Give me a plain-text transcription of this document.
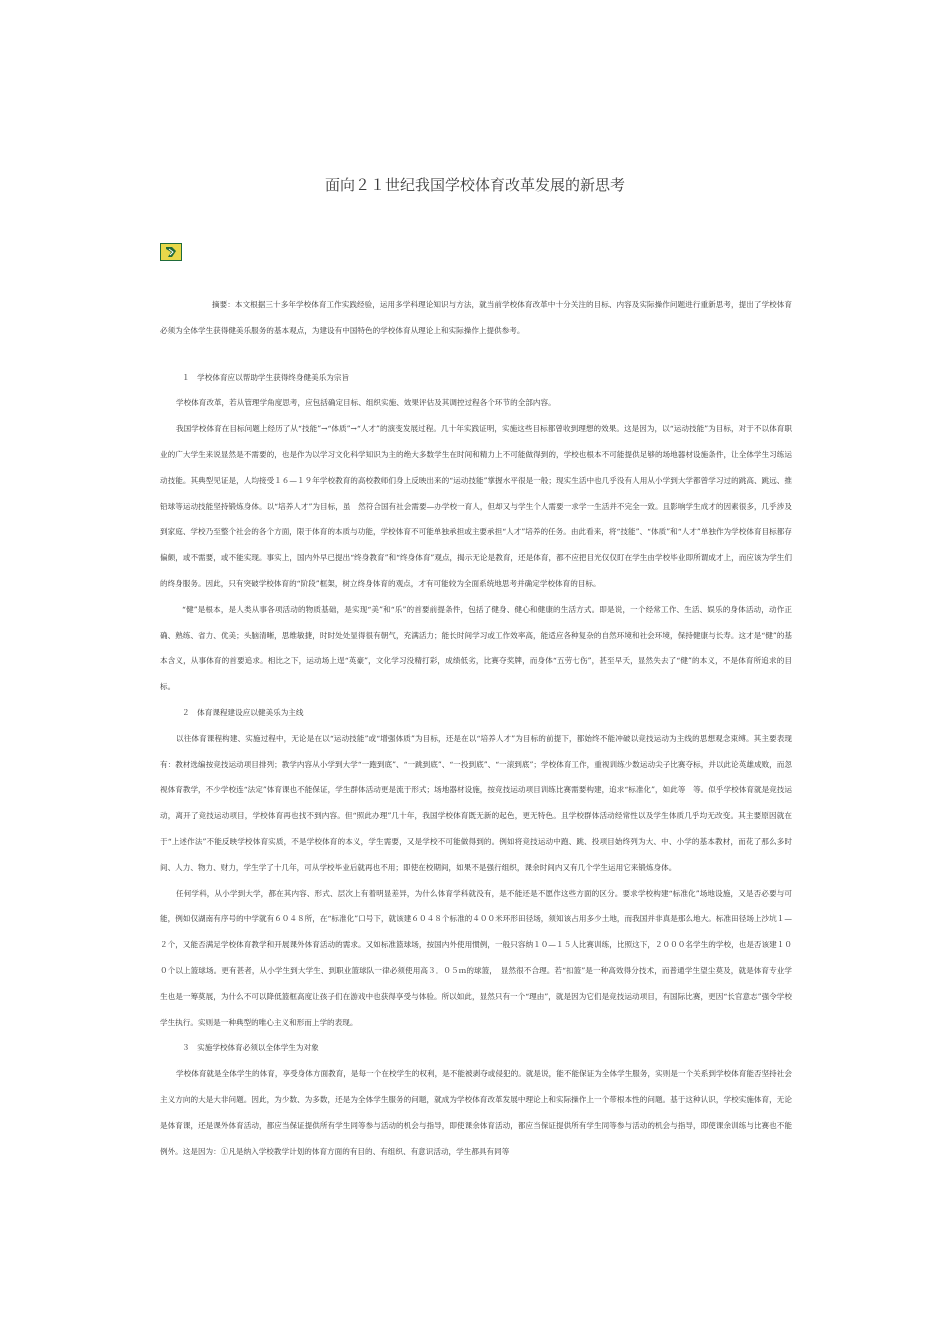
面向２１世纪我国学校体育改革发展的新思考

摘要：本文根据三十多年学校体育工作实践经验，运用多学科理论知识与方法，就当前学校体育改革中十分关注的目标、内容及实际操作问题进行重新思考，提出了学校体育必须为全体学生获得健美乐服务的基本观点，为建设有中国特色的学校体育从理论上和实际操作上提供参考。

１　学校体育应以帮助学生获得终身健美乐为宗旨

学校体育改革，若从管理学角度思考，应包括确定目标、组织实施、效果评估及其调控过程各个环节的全部内容。

我国学校体育在目标问题上经历了从“技能”→“体质”→“人才”的演变发展过程。几十年实践证明，实施这些目标都曾收到理想的效果。这是因为，以“运动技能”为目标，对于不以体育职业的广大学生来说显然是不需要的，也是作为以学习文化科学知识为主的绝大多数学生在时间和精力上不可能做得到的，学校也根本不可能提供足够的场地器材设施条件，让全体学生习练运动技能。其典型见证是，人均接受１６—１９年学校教育的高校教师们身上反映出来的“运动技能”掌握水平很是一般；现实生活中也几乎没有人用从小学到大学都曾学习过的跳高、跳远、推铅球等运动技能坚持锻炼身体。以“培养人才”为目标，虽　然符合国有社会需要—办学校一育人，但却又与学生个人需要一求学一生活并不完全一致。且影响学生成才的因素很多，几乎涉及到家庭、学校乃至整个社会的各个方面，限于体育的本质与功能，学校体育不可能单独承担或主要承担“人才”培养的任务。由此看来，将“技能”、“体质”和“人才”单独作为学校体育目标都存偏颇，或不需要，或不能实现。事实上，国内外早已提出“终身教育”和“终身体育”观点，揭示无论是教育，还是体育，都不应把目光仅仅盯在学生由学校毕业即所谓成才上，而应该为学生们的终身服务。因此，只有突破学校体育的“阶段”框架，树立终身体育的观点，才有可能较为全面系统地思考并确定学校体育的目标。

“健”是根本，是人类从事各项活动的物质基础，是实现“美”和“乐”的首要前提条件，包括了健身、健心和健康的生活方式。即是说，一个经常工作、生活、娱乐的身体活动，动作正确、熟练、省力、优美；头脑清晰，思维敏捷，时时处处显得很有朝气，充满活力；能长时间学习或工作效率高，能适应各种复杂的自然环境和社会环境，保持健康与长寿。这才是“健”的基本含义，从事体育的首要追求。相比之下，运动场上逞“英豪”，文化学习没精打彩，成绩低劣，比赛夺奖牌，而身体“五劳七伤”，甚至早夭，显然失去了“健”的本义，不是体育所追求的目标。

２　体育课程建设应以健美乐为主线

以往体育课程构建、实施过程中，无论是在以“运动技能”或“增强体质”为目标，还是在以“培养人才”为目标的前提下，都始终不能冲破以竞技运动为主线的思想观念束缚。其主要表现有：教材选编按竞技运动项目排列；教学内容从小学到大学“一跑到底”、“一跳到底”、“一投到底”、“一滚到底”；学校体育工作，重视训练少数运动尖子比赛夺标，并以此论英雄成败，而忽视体育教学，不少学校连“法定”体育课也不能保证，学生群体活动更是流于形式；场地器材设施，按竞技运动项目训练比赛需要构建，追求“标准化”，如此等　等。似乎学校体育就是竞技运动，离开了竞技运动项目，学校体育再也找不到内容。但“照此办理”几十年，我国学校体育既无新的起色，更无特色。且学校群体活动经常性以及学生体质几乎均无改变。其主要原因就在于“上述作法”不能反映学校体育实质，不是学校体育的本义，学生需要，又是学校不可能做得到的。例如将竞技运动中跑、跳、投项目始终列为大、中、小学的基本教材，而花了那么多时间、人力、物力、财力，学生学了十几年，可从学校毕业后就再也不用；即使在校期间，如果不是强行组织，课余时间内又有几个学生运用它来锻炼身体。

任何学科，从小学到大学，都在其内容、形式、层次上有着明显差异，为什么体育学科就没有，是不能还是不愿作这些方面的区分。要求学校构建“标准化”场地设施，又是否必要与可能，例如仅湖南有序号的中学就有６０４８所，在“标准化”口号下，就该建６０４８个标准的４００米环形田径场，须知该占用多少土地，而我国并非真是那么地大。标准田径场上沙坑１—２个，又能否满足学校体育教学和开展课外体育活动的需求。又如标准篮球场，按国内外使用惯例，一般只容纳１０—１５人比赛训练，比照这下，２０００名学生的学校，也是否该建１００个以上篮球场。更有甚者，从小学生到大学生、到职业篮球队一律必须使用高３．０５ｍ的球篮，　显然很不合理。若“扣篮”是一种高效得分技术，而普通学生望尘莫及，就是体育专业学生也是一筹莫展，为什么不可以降低篮框高度让孩子们在游戏中也获得享受与体验。所以如此，显然只有一个“理由”，就是因为它们是竞技运动项目，有国际比赛，更因“长官意志”强令学校学生执行。实则是一种典型的唯心主义和形而上学的表现。

３　实施学校体育必须以全体学生为对象

学校体育就是全体学生的体育，享受身体方面教育，是每一个在校学生的权利，是不能被剥夺或侵犯的。就是说，能不能保证为全体学生服务，实则是一个关系到学校体育能否坚持社会主义方向的大是大非问题。因此，为少数、为多数，还是为全体学生服务的问题，就成为学校体育改革发展中理论上和实际操作上一个带根本性的问题。基于这种认识，学校实施体育，无论是体育课，还是课外体育活动，都应当保证提供所有学生同等参与活动的机会与指导，即使课余体育活动，都应当保证提供所有学生同等参与活动的机会与指导，即使课余训练与比赛也不能例外。这是因为：①凡是纳入学校教学计划的体育方面的有目的、有组织、有意识活动，学生都具有同等
